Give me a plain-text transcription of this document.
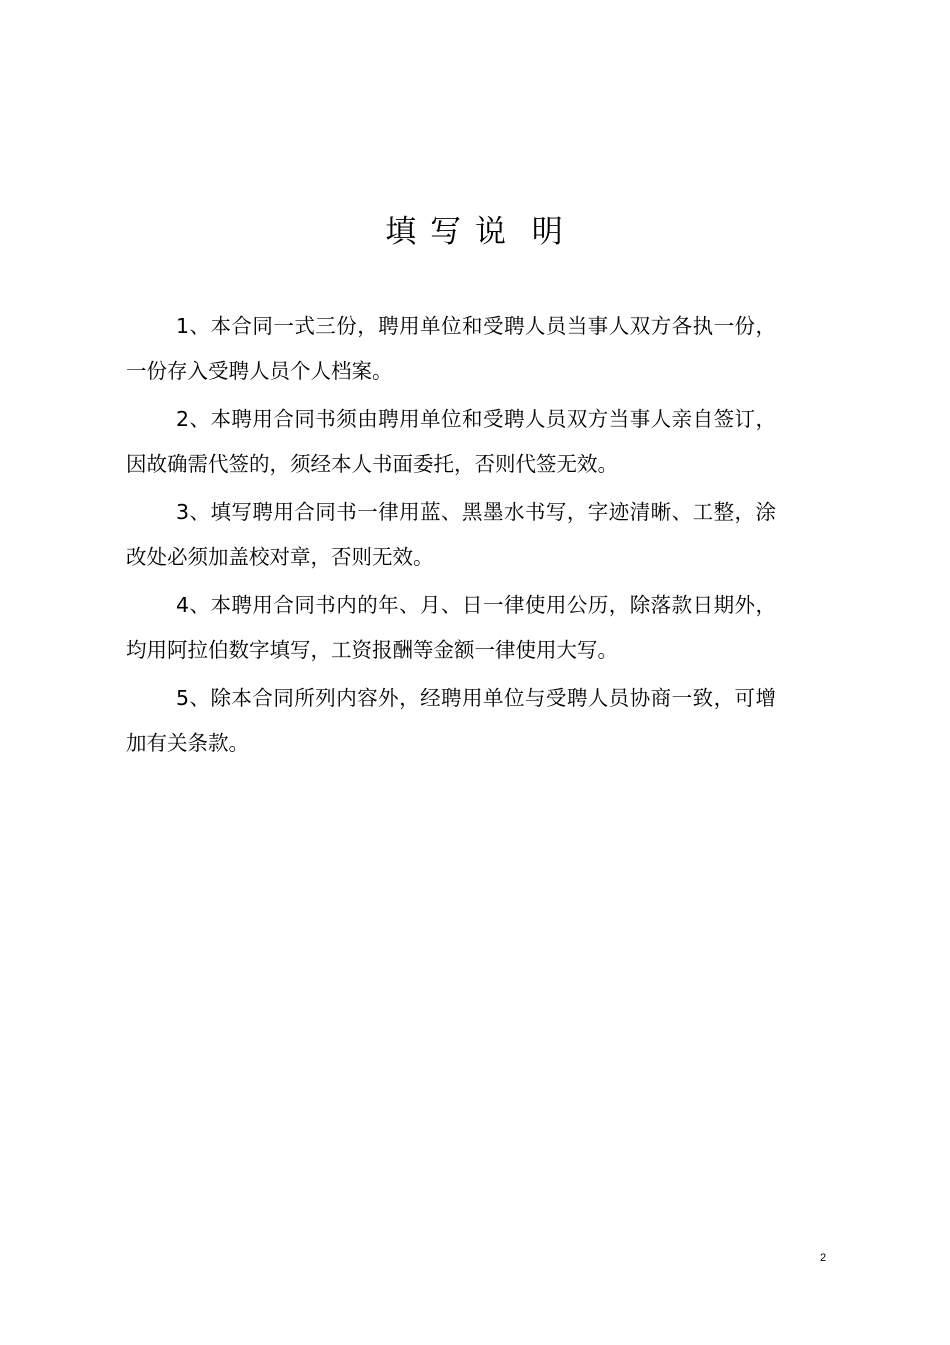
填 写 说  明

1、本合同一式三份，聘用单位和受聘人员当事人双方各执一份，一份存入受聘人员个人档案。

2、本聘用合同书须由聘用单位和受聘人员双方当事人亲自签订，因故确需代签的，须经本人书面委托，否则代签无效。

3、填写聘用合同书一律用蓝、黑墨水书写，字迹清晰、工整，涂改处必须加盖校对章，否则无效。

4、本聘用合同书内的年、月、日一律使用公历，除落款日期外，均用阿拉伯数字填写，工资报酬等金额一律使用大写。

5、除本合同所列内容外，经聘用单位与受聘人员协商一致，可增加有关条款。

2
